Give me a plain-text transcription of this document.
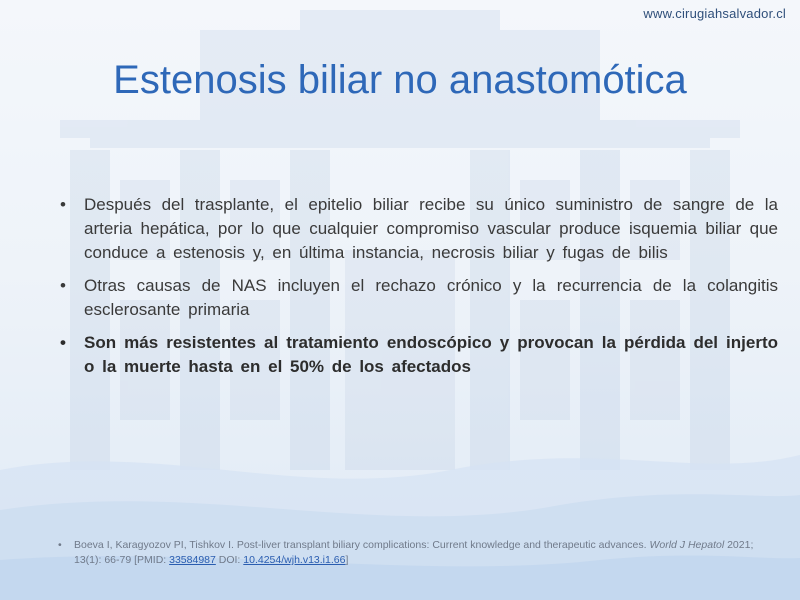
www.cirugiahsalvador.cl
Estenosis biliar no anastomótica
• Después del trasplante, el epitelio biliar recibe su único suministro de sangre de la arteria hepática, por lo que cualquier compromiso vascular produce isquemia biliar que conduce a estenosis y, en última instancia, necrosis biliar y fugas de bilis
• Otras causas de NAS incluyen el rechazo crónico y la recurrencia de la colangitis esclerosante primaria
• Son más resistentes al tratamiento endoscópico y provocan la pérdida del injerto o la muerte hasta en el 50% de los afectados
• Boeva I, Karagyozov PI, Tishkov I. Post-liver transplant biliary complications: Current knowledge and therapeutic advances. World J Hepatol 2021; 13(1): 66-79 [PMID: 33584987 DOI: 10.4254/wjh.v13.i1.66]
